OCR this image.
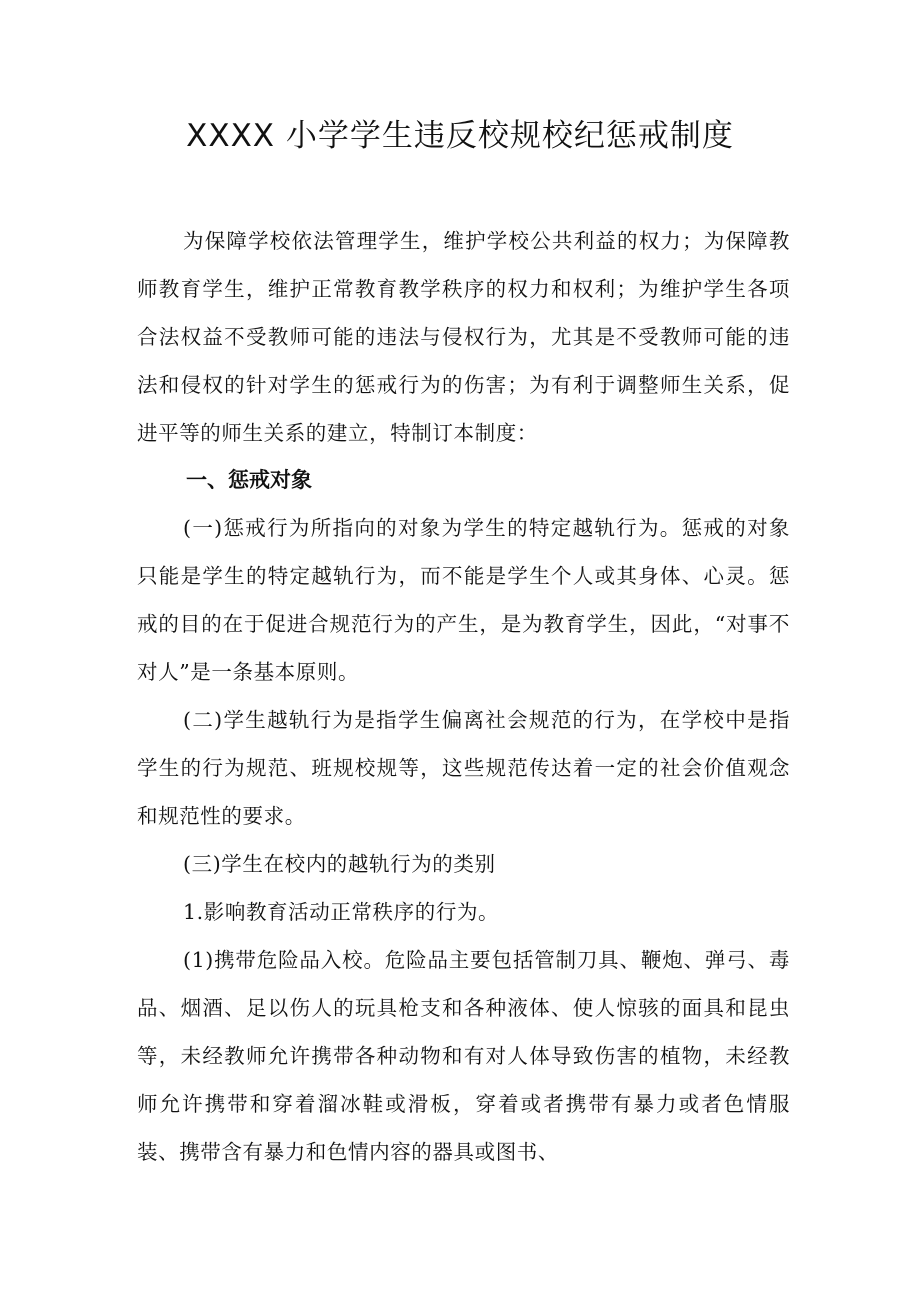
XXXX 小学学生违反校规校纪惩戒制度

为保障学校依法管理学生，维护学校公共利益的权力；为保障教师教育学生，维护正常教育教学秩序的权力和权利；为维护学生各项合法权益不受教师可能的违法与侵权行为，尤其是不受教师可能的违法和侵权的针对学生的惩戒行为的伤害；为有利于调整师生关系，促进平等的师生关系的建立，特制订本制度：

一、惩戒对象

(一)惩戒行为所指向的对象为学生的特定越轨行为。惩戒的对象只能是学生的特定越轨行为，而不能是学生个人或其身体、心灵。惩戒的目的在于促进合规范行为的产生，是为教育学生，因此，“对事不对人”是一条基本原则。

(二)学生越轨行为是指学生偏离社会规范的行为，在学校中是指学生的行为规范、班规校规等，这些规范传达着一定的社会价值观念和规范性的要求。

(三)学生在校内的越轨行为的类别

1.影响教育活动正常秩序的行为。

(1)携带危险品入校。危险品主要包括管制刀具、鞭炮、弹弓、毒品、烟酒、足以伤人的玩具枪支和各种液体、使人惊骇的面具和昆虫等，未经教师允许携带各种动物和有对人体导致伤害的植物，未经教师允许携带和穿着溜冰鞋或滑板，穿着或者携带有暴力或者色情服装、携带含有暴力和色情内容的器具或图书、
